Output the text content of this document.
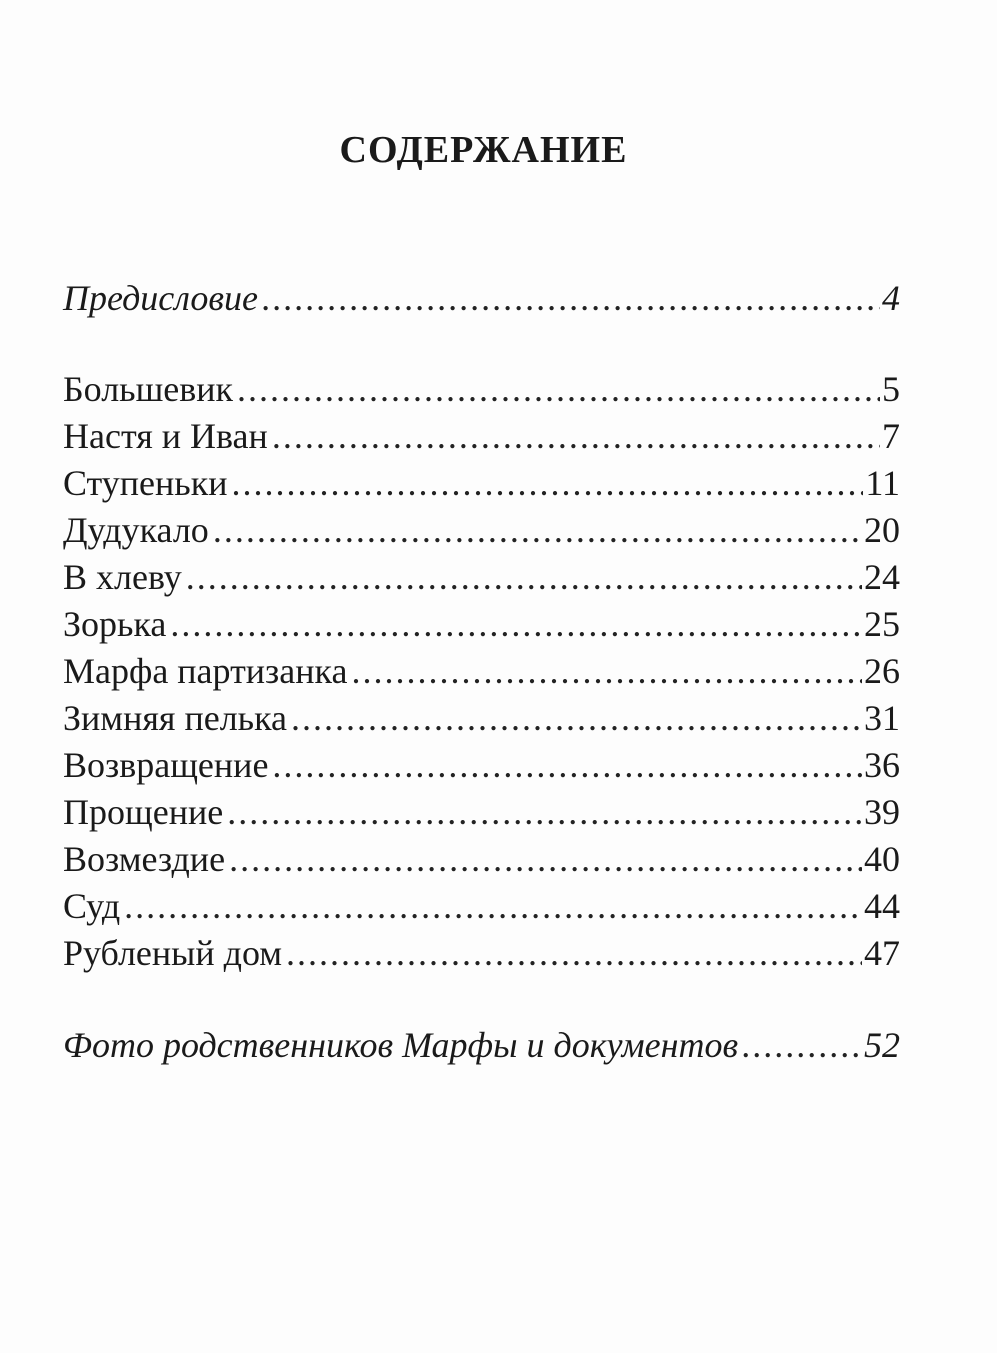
СОДЕРЖАНИЕ
Предисловие .....	4
Большевик .....	5
Настя и Иван .....	7
Ступеньки .....	11
Дудукало .....	20
В хлеву .....	24
Зорька .....	25
Марфа партизанка .....	26
Зимняя пелька .....	31
Возвращение .....	36
Прощение .....	39
Возмездие .....	40
Суд .....	44
Рубленый дом .....	47
Фото родственников Марфы и документов .....	52
